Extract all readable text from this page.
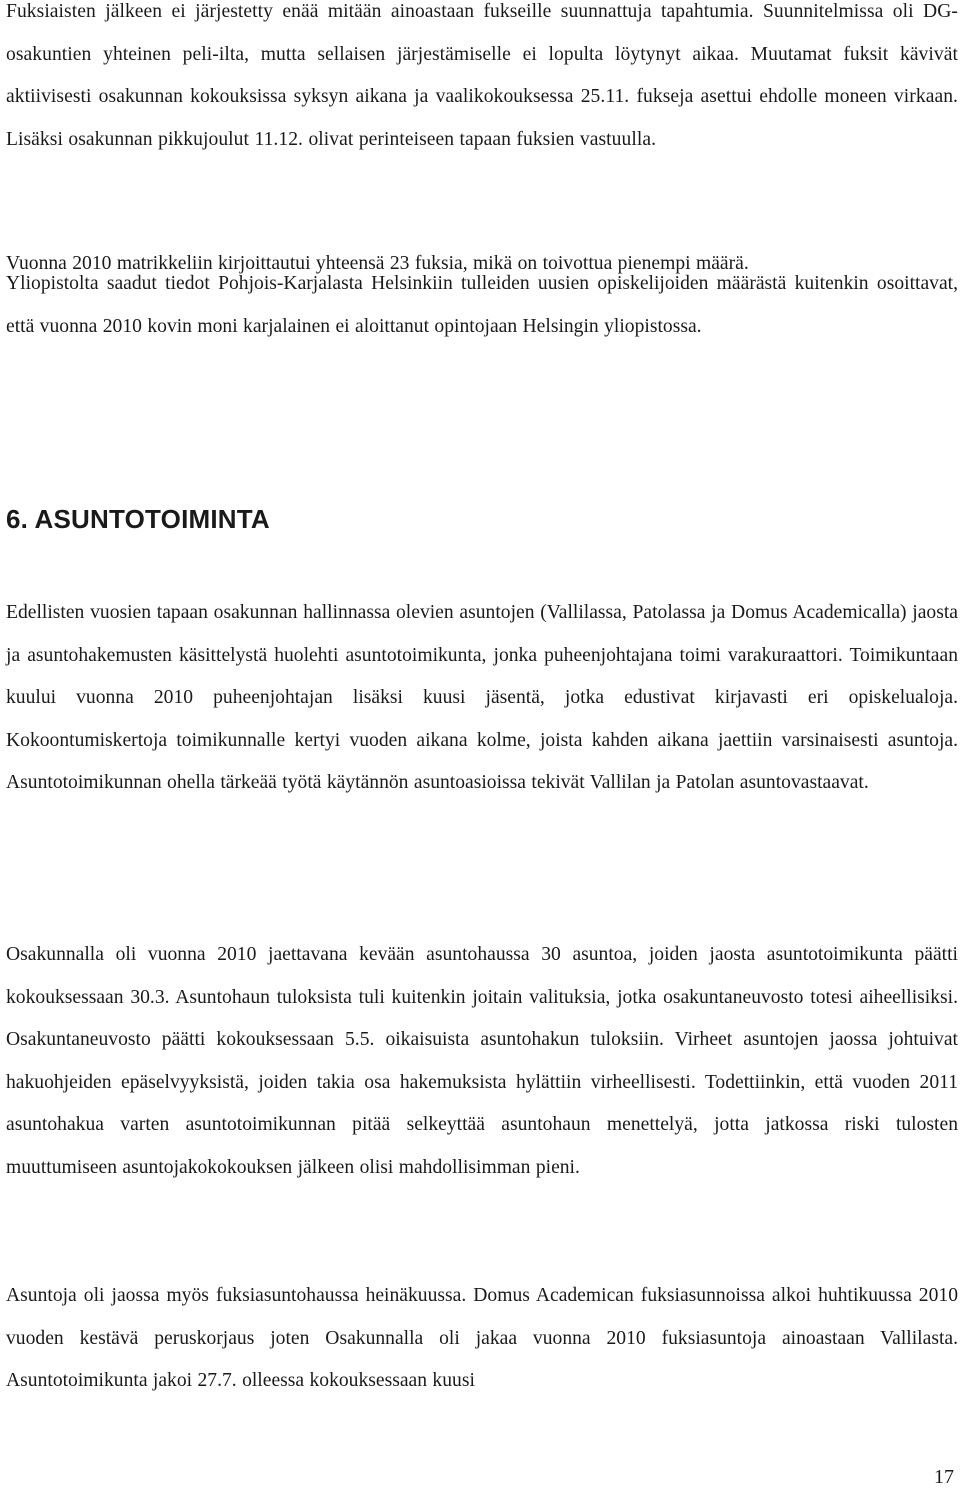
Fuksiaisten jälkeen ei järjestetty enää mitään ainoastaan fukseille suunnattuja tapahtumia. Suunnitelmissa oli DG-osakuntien yhteinen peli-ilta, mutta sellaisen järjestämiselle ei lopulta löytynyt aikaa. Muutamat fuksit kävivät aktiivisesti osakunnan kokouksissa syksyn aikana ja vaalikokouksessa 25.11. fukseja asettui ehdolle moneen virkaan. Lisäksi osakunnan pikkujoulut 11.12. olivat perinteiseen tapaan fuksien vastuulla.

Vuonna 2010 matrikkeliin kirjoittautui yhteensä 23 fuksia, mikä on toivottua pienempi määrä.

Yliopistolta saadut tiedot Pohjois-Karjalasta Helsinkiin tulleiden uusien opiskelijoiden määrästä kuitenkin osoittavat, että vuonna 2010 kovin moni karjalainen ei aloittanut opintojaan Helsingin yliopistossa.

6. ASUNTOTOIMINTA

Edellisten vuosien tapaan osakunnan hallinnassa olevien asuntojen (Vallilassa, Patolassa ja Domus Academicalla) jaosta ja asuntohakemusten käsittelystä huolehti asuntotoimikunta, jonka puheenjohtajana toimi varakuraattori. Toimikuntaan kuului vuonna 2010 puheenjohtajan lisäksi kuusi jäsentä, jotka edustivat kirjavasti eri opiskelualoja. Kokoontumiskertoja toimikunnalle kertyi vuoden aikana kolme, joista kahden aikana jaettiin varsinaisesti asuntoja. Asuntotoimikunnan ohella tärkeää työtä käytännön asuntoasioissa tekivät Vallilan ja Patolan asuntovastaavat.

Osakunnalla oli vuonna 2010 jaettavana kevään asuntohaussa 30 asuntoa, joiden jaosta asuntotoimikunta päätti kokouksessaan 30.3. Asuntohaun tuloksista tuli kuitenkin joitain valituksia, jotka osakuntaneuvosto totesi aiheellisiksi. Osakuntaneuvosto päätti kokouksessaan 5.5. oikaisuista asuntohakun tuloksiin. Virheet asuntojen jaossa johtuivat hakuohjeiden epäselvyyksistä, joiden takia osa hakemuksista hylättiin virheellisesti. Todettiinkin, että vuoden 2011 asuntohakua varten asuntotoimikunnan pitää selkeyttää asuntohaun menettelyä, jotta jatkossa riski tulosten muuttumiseen asuntojakokokouksen jälkeen olisi mahdollisimman pieni.

Asuntoja oli jaossa myös fuksiasuntohaussa heinäkuussa. Domus Academican fuksiasunnoissa alkoi huhtikuussa 2010 vuoden kestävä peruskorjaus joten Osakunnalla oli jakaa vuonna 2010 fuksiasuntoja ainoastaan Vallilasta. Asuntotoimikunta jakoi 27.7. olleessa kokouksessaan kuusi

17
